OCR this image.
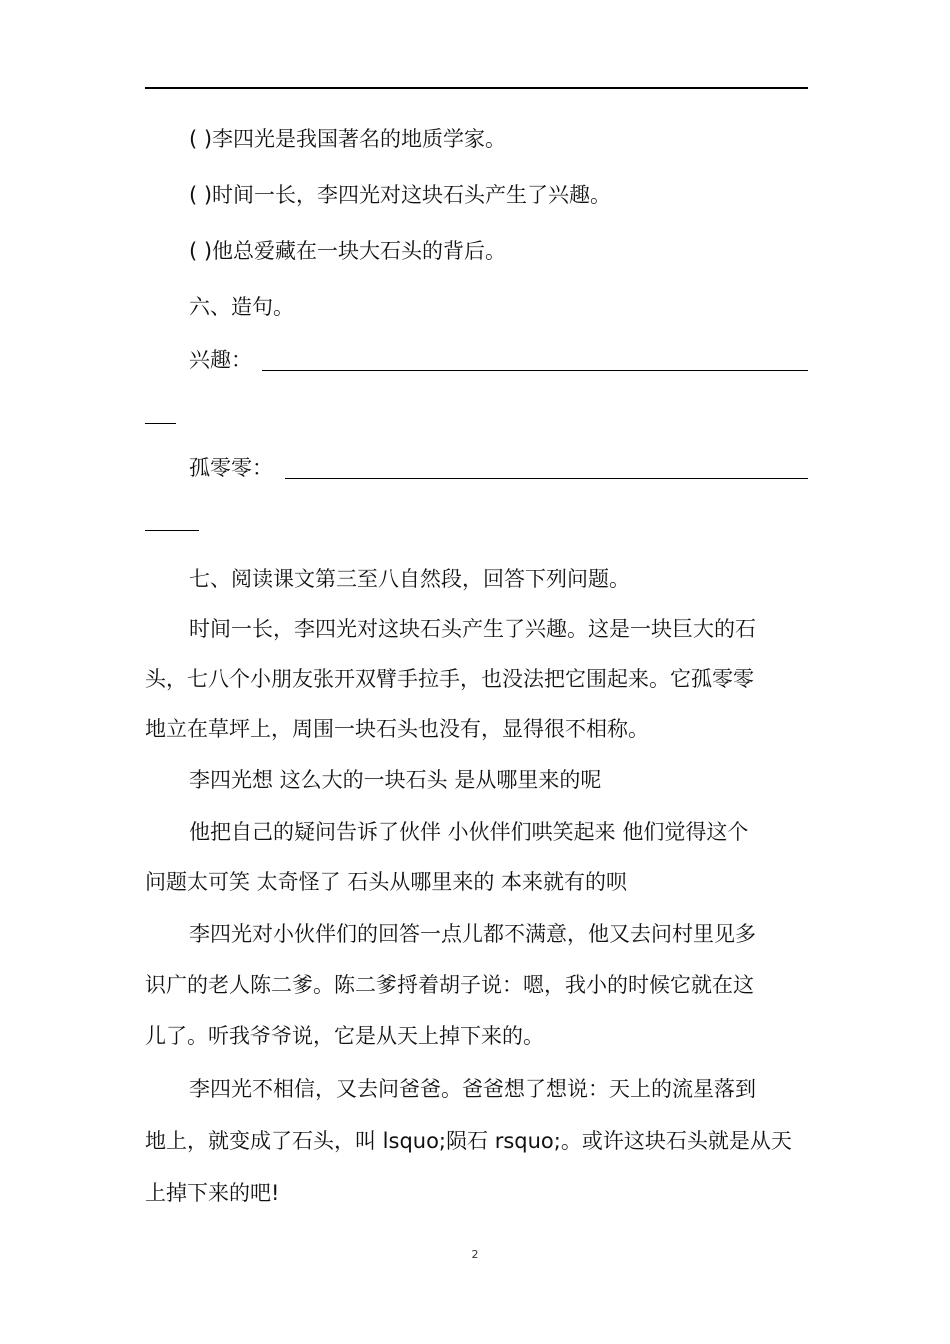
( )李四光是我国著名的地质学家。
( )时间一长，李四光对这块石头产生了兴趣。
( )他总爱藏在一块大石头的背后。
六、造句。
兴趣：
孤零零：
七、阅读课文第三至八自然段，回答下列问题。
时间一长，李四光对这块石头产生了兴趣。这是一块巨大的石
头，七八个小朋友张开双臂手拉手，也没法把它围起来。它孤零零
地立在草坪上，周围一块石头也没有，显得很不相称。
李四光想 这么大的一块石头 是从哪里来的呢
他把自己的疑问告诉了伙伴 小伙伴们哄笑起来 他们觉得这个
问题太可笑 太奇怪了 石头从哪里来的 本来就有的呗
李四光对小伙伴们的回答一点儿都不满意，他又去问村里见多
识广的老人陈二爹。陈二爹捋着胡子说：嗯，我小的时候它就在这
儿了。听我爷爷说，它是从天上掉下来的。
李四光不相信，又去问爸爸。爸爸想了想说：天上的流星落到
地上，就变成了石头，叫 lsquo;陨石 rsquo;。或许这块石头就是从天
上掉下来的吧!
2
